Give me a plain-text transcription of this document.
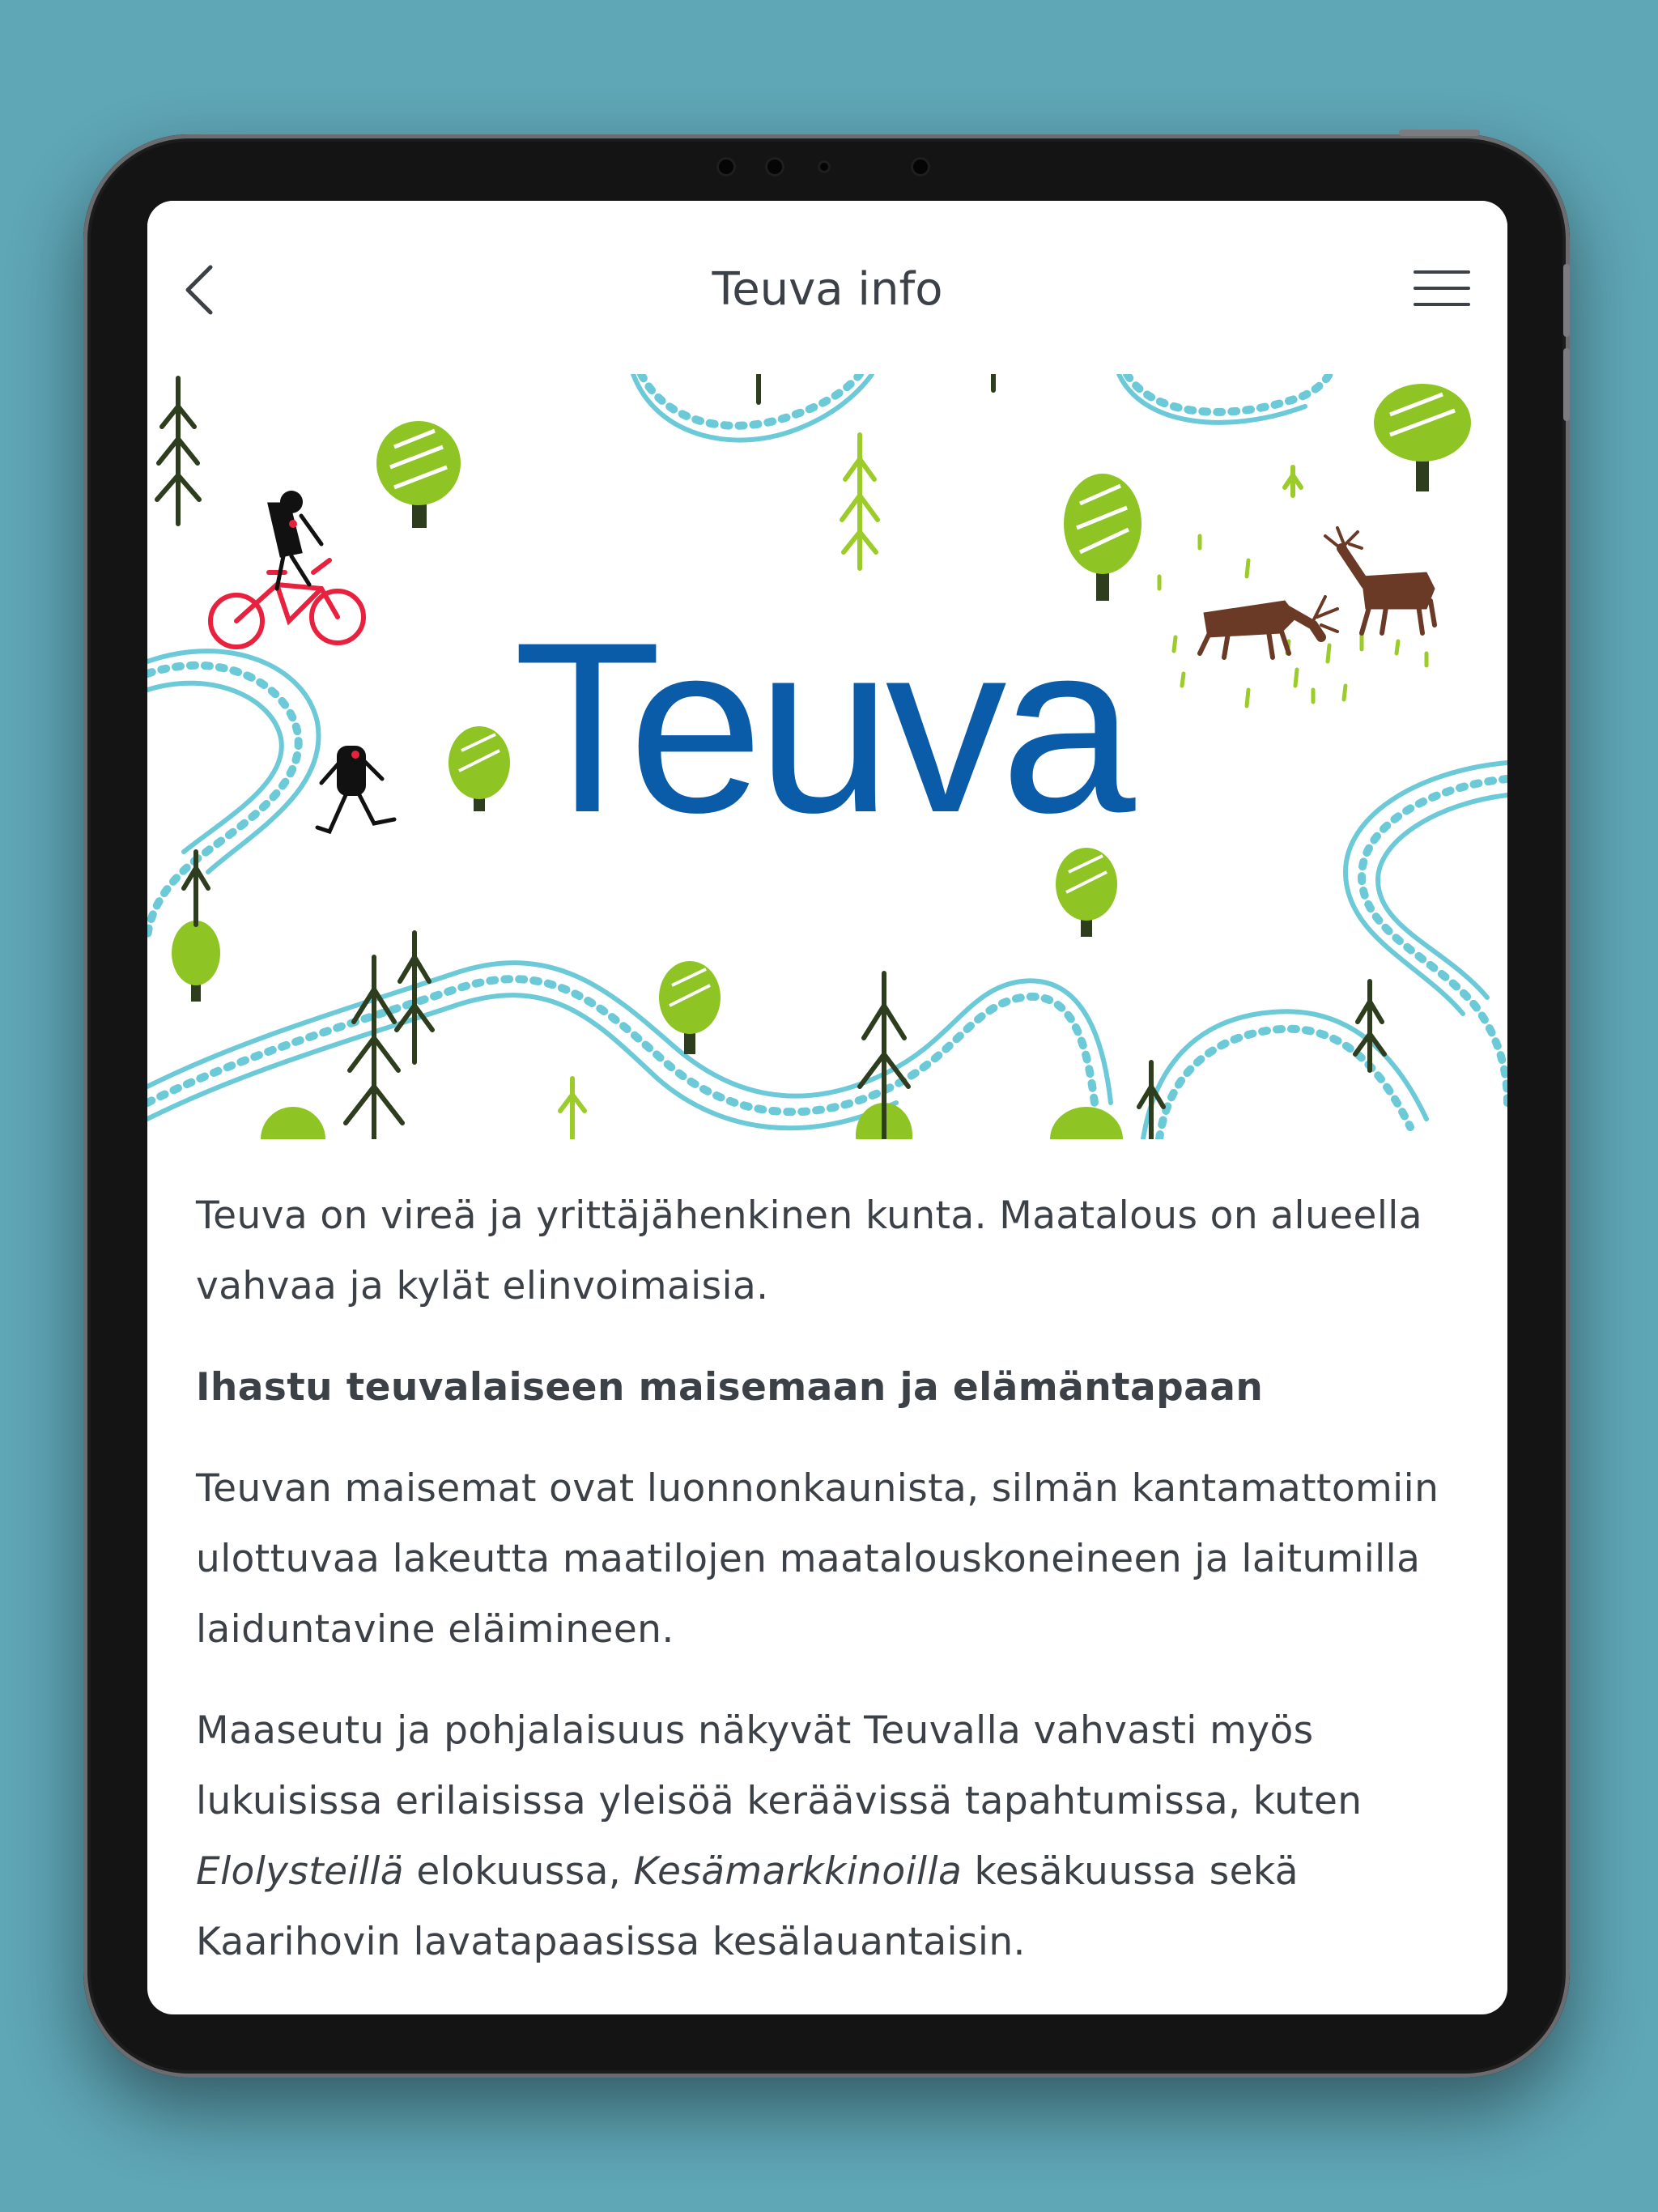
Teuva info
Teuva

Teuva on vireä ja yrittäjähenkinen kunta. Maatalous on alueella vahvaa ja kylät elinvoimaisia.

Ihastu teuvalaiseen maisemaan ja elämäntapaan

Teuvan maisemat ovat luonnonkaunista, silmän kantamattomiin ulottuvaa lakeutta maatilojen maatalouskoneineen ja laitumilla laiduntavine eläimineen.

Maaseutu ja pohjalaisuus näkyvät Teuvalla vahvasti myös lukuisissa erilaisissa yleisöä keräävissä tapahtumissa, kuten
Elolysteillä elokuussa, Kesämarkkinoilla kesäkuussa sekä Kaarihovin lavatapaasissa kesälauantaisin.
